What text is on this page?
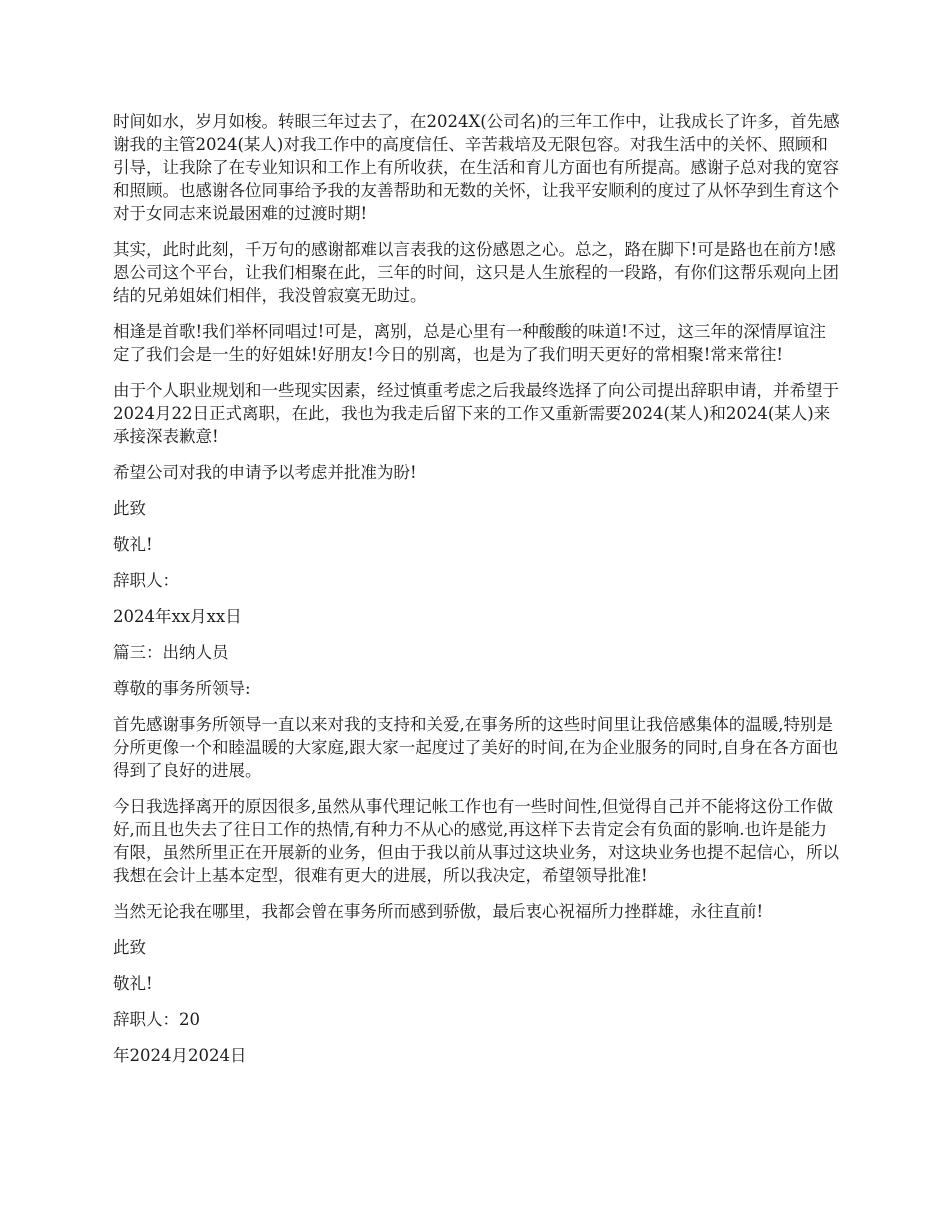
时间如水，岁月如梭。转眼三年过去了，在2024X(公司名)的三年工作中，让我成长了许多，首先感谢我的主管2024(某人)对我工作中的高度信任、辛苦栽培及无限包容。对我生活中的关怀、照顾和引导，让我除了在专业知识和工作上有所收获，在生活和育儿方面也有所提高。感谢子总对我的宽容和照顾。也感谢各位同事给予我的友善帮助和无数的关怀，让我平安顺利的度过了从怀孕到生育这个对于女同志来说最困难的过渡时期!

其实，此时此刻，千万句的感谢都难以言表我的这份感恩之心。总之，路在脚下!可是路也在前方!感恩公司这个平台，让我们相聚在此，三年的时间，这只是人生旅程的一段路，有你们这帮乐观向上团结的兄弟姐妹们相伴，我没曾寂寞无助过。

相逢是首歌!我们举杯同唱过!可是，离别，总是心里有一种酸酸的味道!不过，这三年的深情厚谊注定了我们会是一生的好姐妹!好朋友!今日的别离，也是为了我们明天更好的常相聚!常来常往!

由于个人职业规划和一些现实因素，经过慎重考虑之后我最终选择了向公司提出辞职申请，并希望于2024月22日正式离职，在此，我也为我走后留下来的工作又重新需要2024(某人)和2024(某人)来承接深表歉意!

希望公司对我的申请予以考虑并批准为盼!

此致

敬礼!

辞职人：

2024年xx月xx日

篇三：出纳人员

尊敬的事务所领导:

首先感谢事务所领导一直以来对我的支持和关爱,在事务所的这些时间里让我倍感集体的温暖,特别是分所更像一个和睦温暖的大家庭,跟大家一起度过了美好的时间,在为企业服务的同时,自身在各方面也得到了良好的进展。

今日我选择离开的原因很多,虽然从事代理记帐工作也有一些时间性,但觉得自己并不能将这份工作做好,而且也失去了往日工作的热情,有种力不从心的感觉,再这样下去肯定会有负面的影响.也许是能力有限，虽然所里正在开展新的业务，但由于我以前从事过这块业务，对这块业务也提不起信心，所以我想在会计上基本定型，很难有更大的进展，所以我决定，希望领导批准!

当然无论我在哪里，我都会曾在事务所而感到骄傲，最后衷心祝福所力挫群雄，永往直前!

此致

敬礼!

辞职人：20

年2024月2024日
